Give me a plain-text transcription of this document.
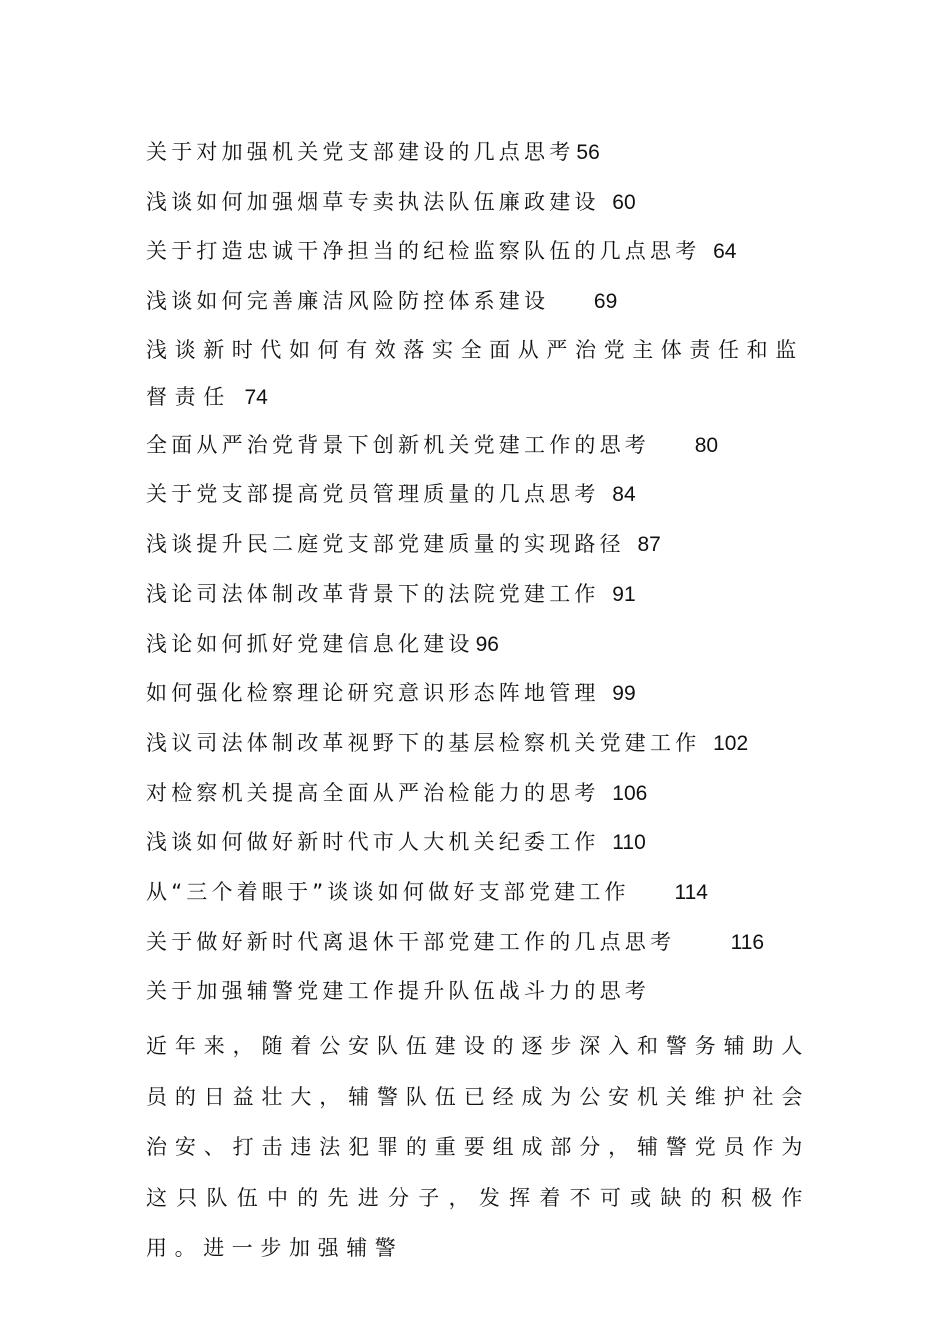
关于对加强机关党支部建设的几点思考56
浅谈如何加强烟草专卖执法队伍廉政建设 60
关于打造忠诚干净担当的纪检监察队伍的几点思考 64
浅谈如何完善廉洁风险防控体系建设 69
浅谈新时代如何有效落实全面从严治党主体责任和监督责任 74
全面从严治党背景下创新机关党建工作的思考 80
关于党支部提高党员管理质量的几点思考 84
浅谈提升民二庭党支部党建质量的实现路径 87
浅论司法体制改革背景下的法院党建工作 91
浅论如何抓好党建信息化建设96
如何强化检察理论研究意识形态阵地管理 99
浅议司法体制改革视野下的基层检察机关党建工作 102
对检察机关提高全面从严治检能力的思考 106
浅谈如何做好新时代市人大机关纪委工作 110
从“三个着眼于”谈谈如何做好支部党建工作 114
关于做好新时代离退休干部党建工作的几点思考	116
关于加强辅警党建工作提升队伍战斗力的思考

近年来，随着公安队伍建设的逐步深入和警务辅助人员的日益壮大，辅警队伍已经成为公安机关维护社会治安、打击违法犯罪的重要组成部分，辅警党员作为这只队伍中的先进分子，发挥着不可或缺的积极作用。进一步加强辅警
